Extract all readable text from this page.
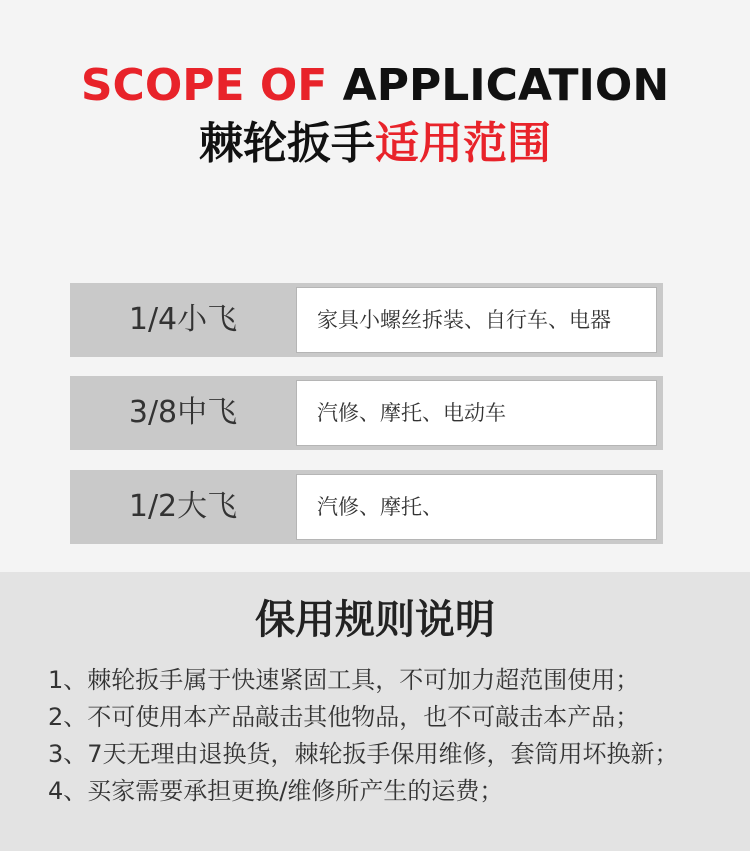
SCOPE OF APPLICATION
棘轮扳手适用范围
1/4小飞	家具小螺丝拆装、自行车、电器
3/8中飞	汽修、摩托、电动车
1/2大飞	汽修、摩托、
保用规则说明
1、棘轮扳手属于快速紧固工具，不可加力超范围使用；
2、不可使用本产品敲击其他物品，也不可敲击本产品；
3、7天无理由退换货，棘轮扳手保用维修，套筒用坏换新；
4、买家需要承担更换/维修所产生的运费；
